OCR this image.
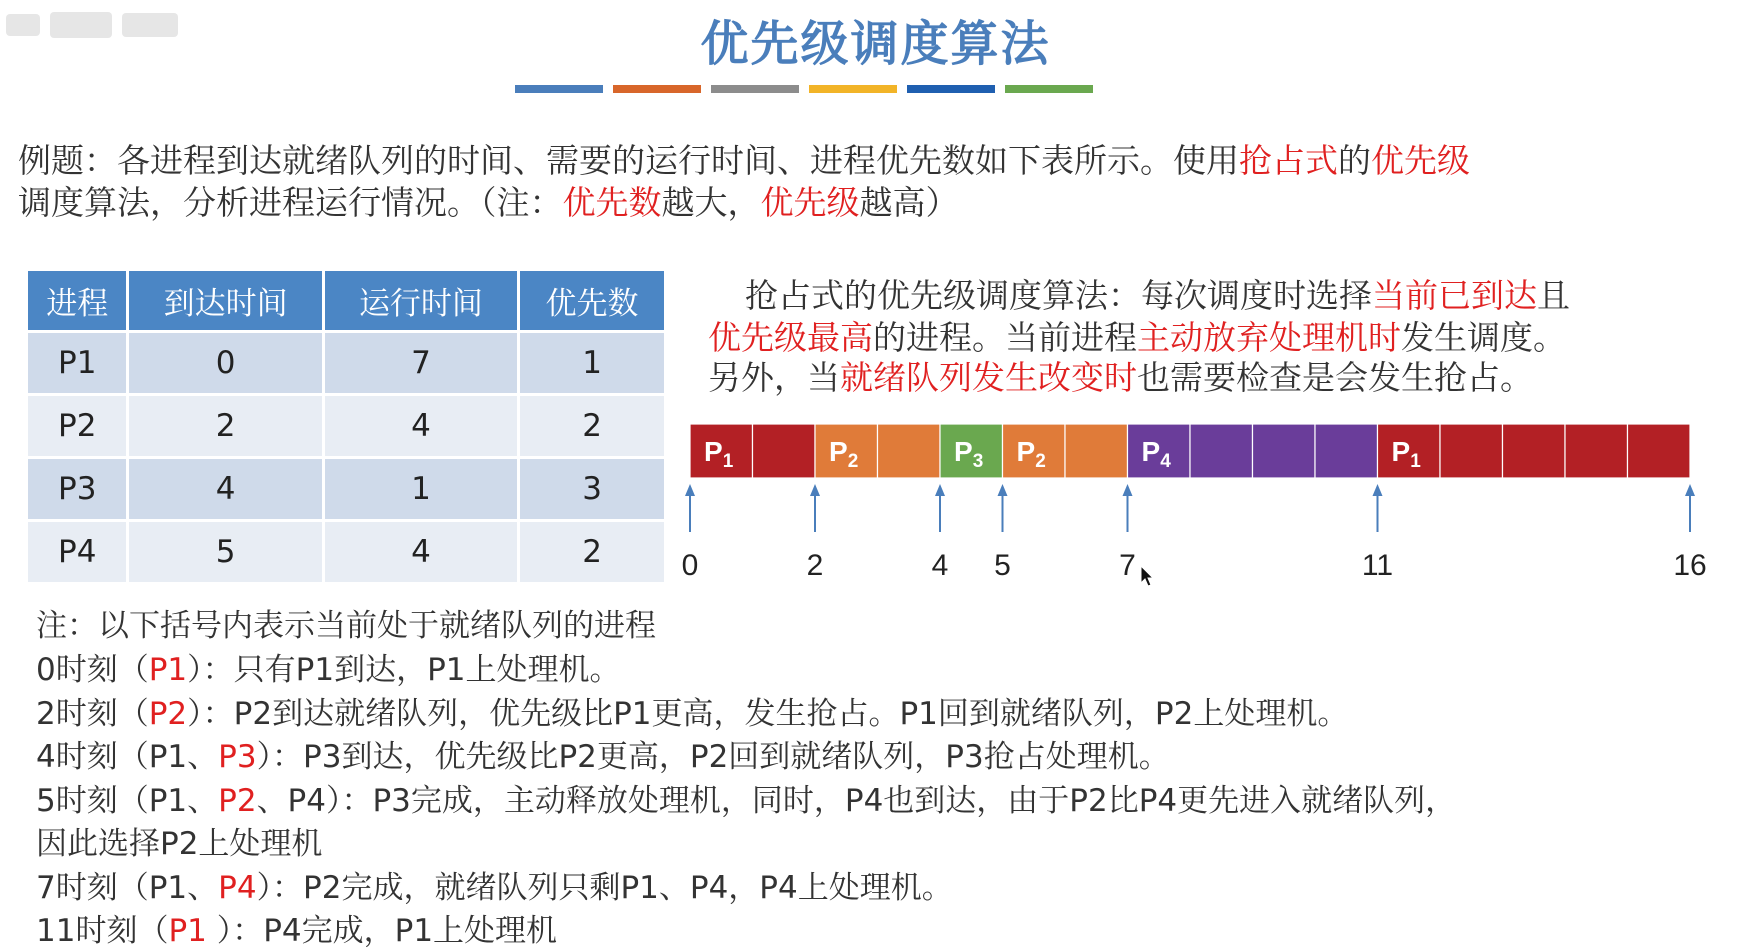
优先级调度算法
例题：各进程到达就绪队列的时间、需要的运行时间、进程优先数如下表所示。使用抢占式的优先级
调度算法，分析进程运行情况。（注：优先数越大，优先级越高）
进程	到达时间	运行时间	优先数
P1	0	7	1
P2	2	4	2
P3	4	1	3
P4	5	4	2
抢占式的优先级调度算法：每次调度时选择当前已到达且
优先级最高的进程。当前进程主动放弃处理机时发生调度。
另外，当就绪队列发生改变时也需要检查是会发生抢占。
$P_1$	$P_2$	$P_3$ $P_2$	$P_4$	$P_1$
0	2	4 5	7	11	16
注：以下括号内表示当前处于就绪队列的进程
0时刻（P1）：只有P1到达，P1上处理机。
2时刻（P2）：P2到达就绪队列，优先级比P1更高，发生抢占。P1回到就绪队列，P2上处理机。
4时刻（P1、P3）：P3到达，优先级比P2更高，P2回到就绪队列，P3抢占处理机。
5时刻（P1、P2、P4）：P3完成，主动释放处理机，同时，P4也到达，由于P2比P4更先进入就绪队列，
因此选择P2上处理机
7时刻（P1、P4）：P2完成，就绪队列只剩P1、P4，P4上处理机。
11时刻（P1 ）：P4完成，P1上处理机
